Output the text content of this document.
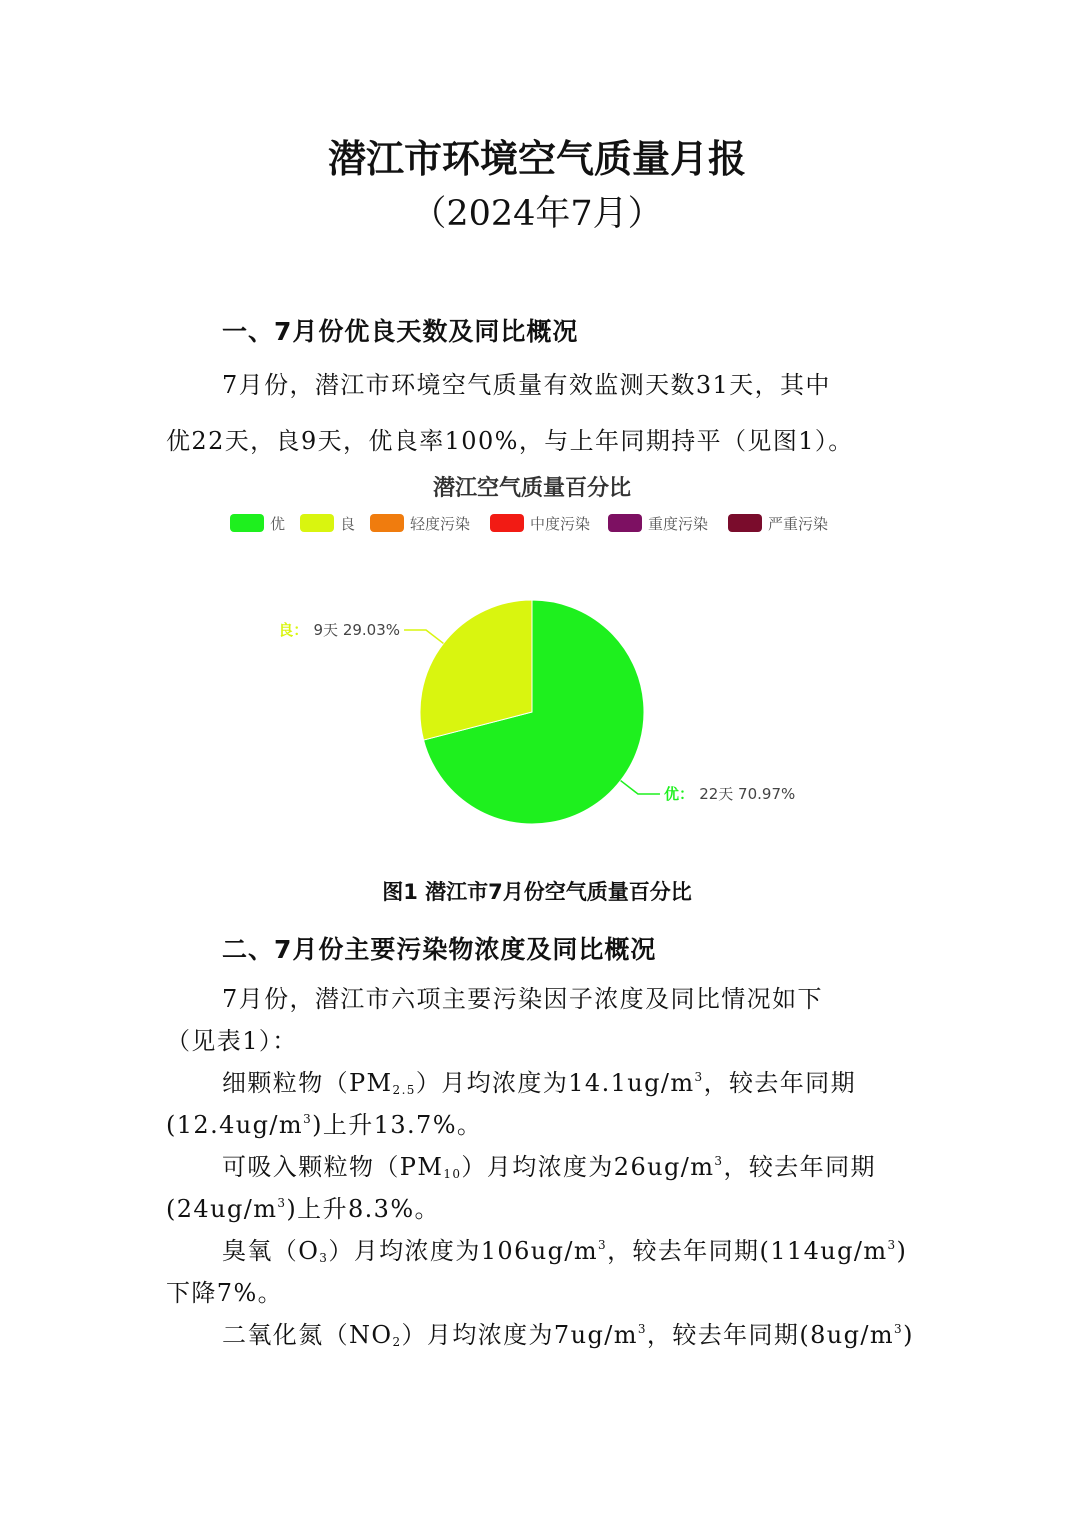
潜江市环境空气质量月报
（2024年7月）
一、7月份优良天数及同比概况
7月份，潜江市环境空气质量有效监测天数31天，其中
优22天，良9天，优良率100%，与上年同期持平（见图1）。
潜江空气质量百分比
优	良	轻度污染	中度污染	重度污染	严重污染
优： 22天 70.97%
良： 9天 29.03%
图1 潜江市7月份空气质量百分比
二、7月份主要污染物浓度及同比概况
7月份，潜江市六项主要污染因子浓度及同比情况如下
（见表1）：
细颗粒物$(PM_{2.5})$月均浓度为$14.1ug/m^3$，较去年同期
$(12.4ug/m^3)$上升13.7%。
可吸入颗粒物$(PM_{10})$月均浓度为$26ug/m^3$，较去年同期
$(24ug/m^3)$上升8.3%。
臭氧$(O_3)$月均浓度为$106ug/m^3$，较去年同期$(114ug/m^3)$
下降7%。
二氧化氮$(NO_2)$月均浓度为$7ug/m^3$，较去年同期$(8ug/m^3)$
